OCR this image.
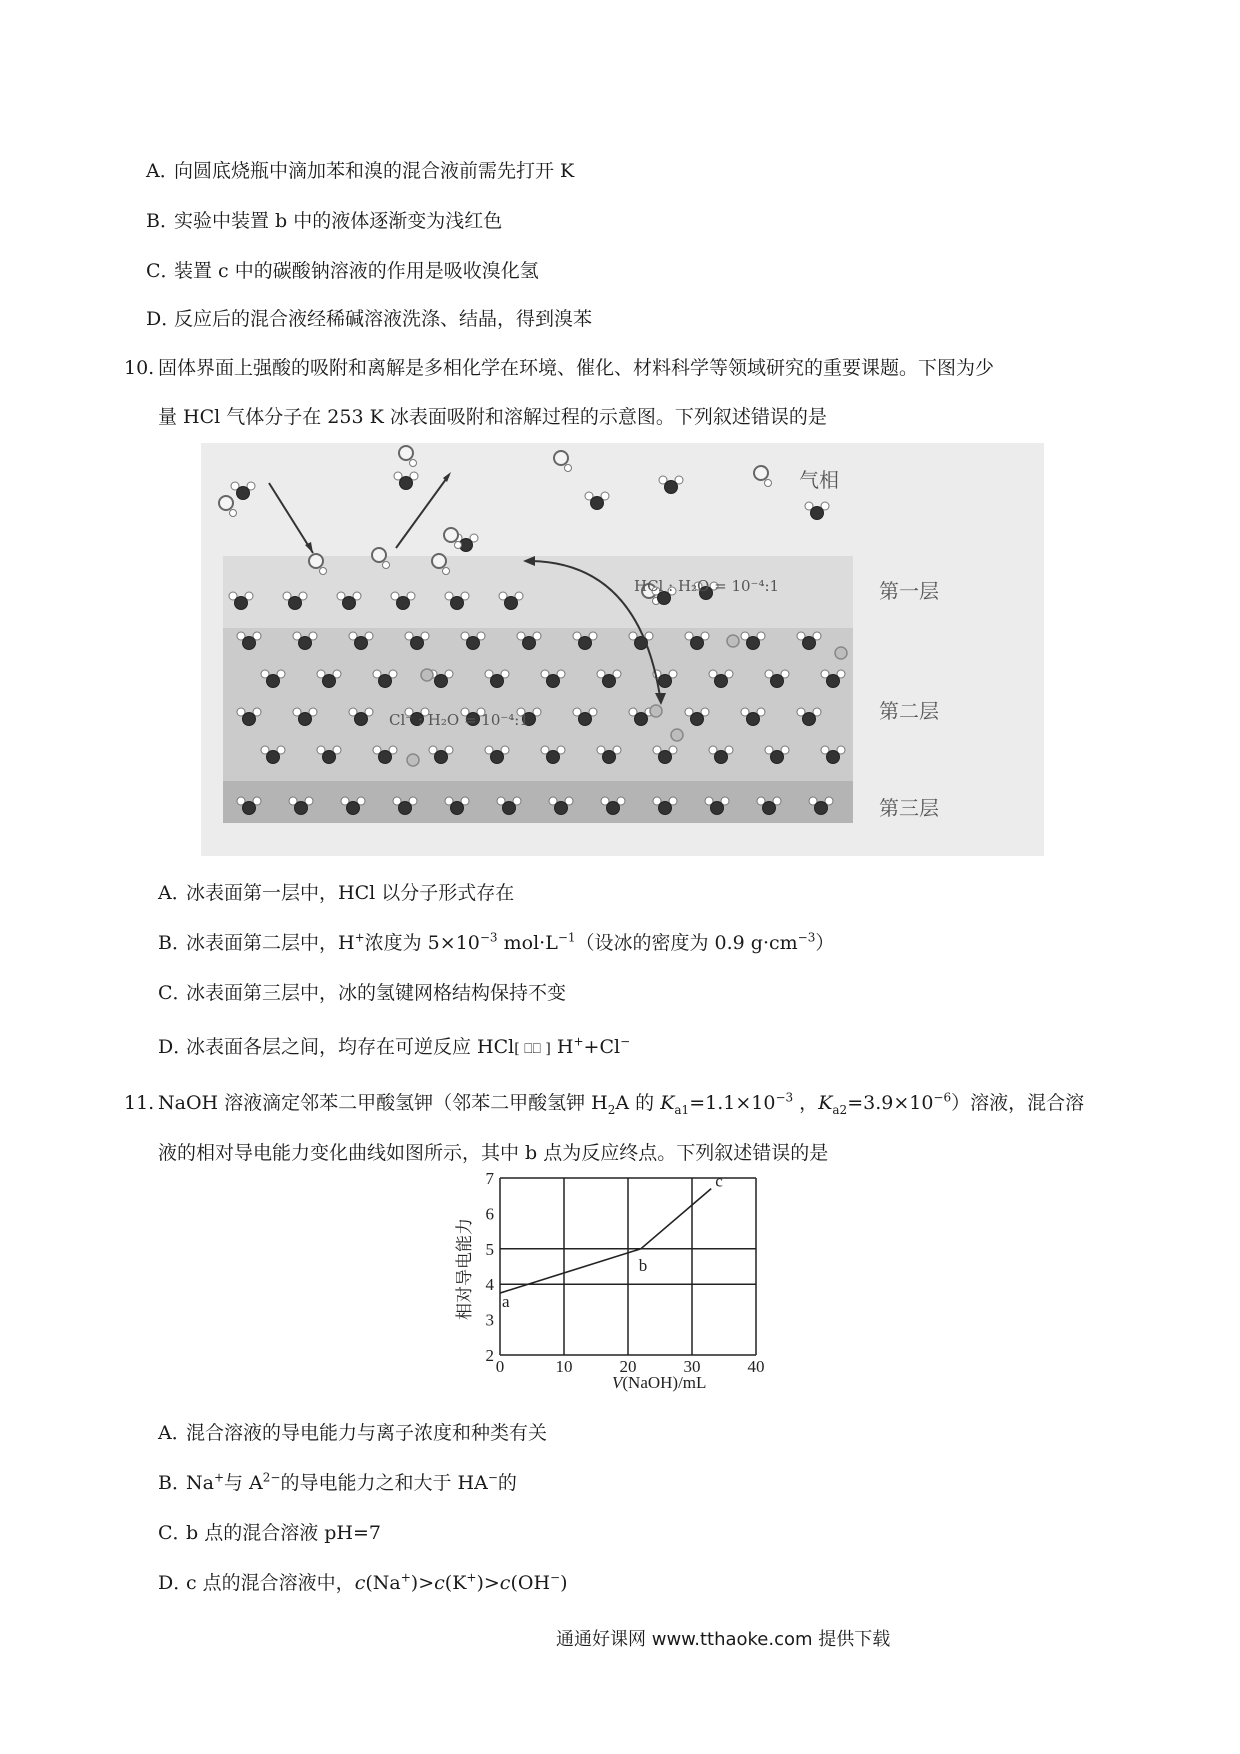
A．向圆底烧瓶中滴加苯和溴的混合液前需先打开 K
B．实验中装置 b 中的液体逐渐变为浅红色
C．装置 c 中的碳酸钠溶液的作用是吸收溴化氢
D．反应后的混合液经稀碱溶液洗涤、结晶，得到溴苯
10. 固体界面上强酸的吸附和离解是多相化学在环境、催化、材料科学等领域研究的重要课题。下图为少
量 HCl 气体分子在 253 K 冰表面吸附和溶解过程的示意图。下列叙述错误的是
气相
HCl : H₂O = 10⁻⁴:1
Cl⁻ : H₂O = 10⁻⁴:1
第一层
第二层
第三层
A．冰表面第一层中，HCl 以分子形式存在
B．冰表面第二层中，H+浓度为 $5\times 10^{-3}$ $mol\cdot L^{-1}$（设冰的密度为 0.9 $g\cdot cm^{-3}$）
C．冰表面第三层中，冰的氢键网格结构保持不变
D．冰表面各层之间，均存在可逆反应 HCl[ ⎕⎕ ] H++Cl−
11. NaOH 溶液滴定邻苯二甲酸氢钾（邻苯二甲酸氢钾 $H_2A$ 的 $K_{a1}=1.1\times 10^{-3}$ ，$K_{a2}=3.9\times 10^{-6}$）溶液，混合溶
液的相对导电能力变化曲线如图所示，其中 b 点为反应终点。下列叙述错误的是
0	10	20	30	40
2
3
4
5
6
7
a
b
c
相对导电能力
V(NaOH)/mL
A．混合溶液的导电能力与离子浓度和种类有关
B．Na+与 $A^{2-}$的导电能力之和大于 HA−的
C．b 点的混合溶液 pH=7
D．c 点的混合溶液中，c(Na+)>c(K+)>c(OH−)
通通好课网 www.tthaoke.com 提供下载
